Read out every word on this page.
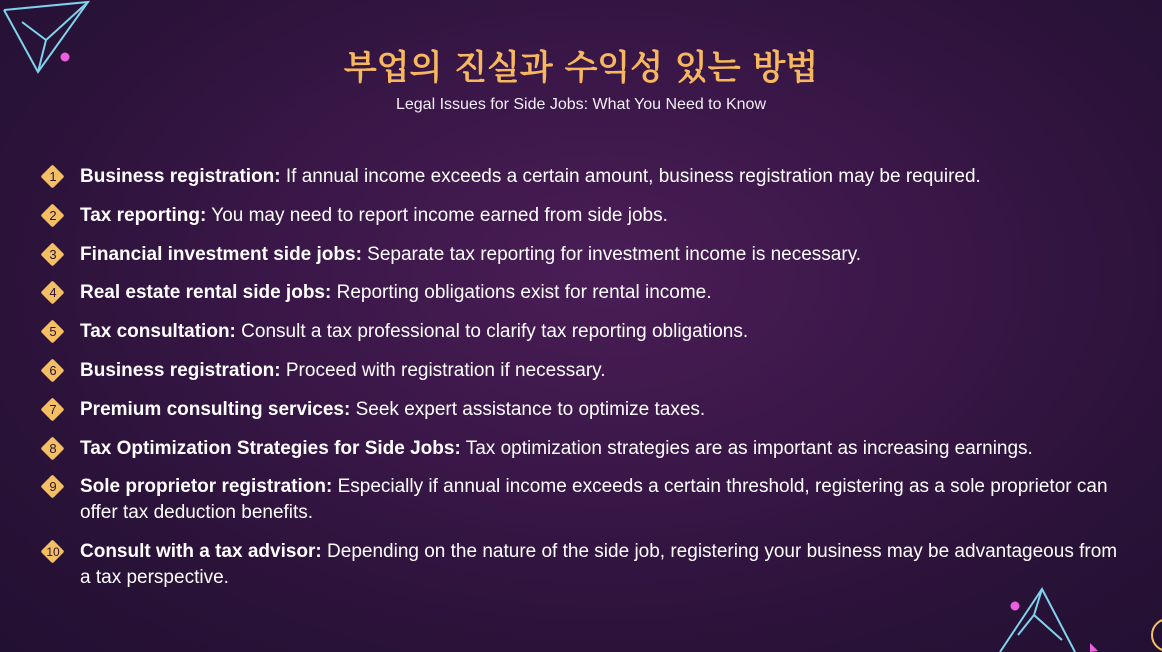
부업의 진실과 수익성 있는 방법

Legal Issues for Side Jobs: What You Need to Know

1	Business registration: If annual income exceeds a certain amount, business registration may be required.
2	Tax reporting: You may need to report income earned from side jobs.
3	Financial investment side jobs: Separate tax reporting for investment income is necessary.
4	Real estate rental side jobs: Reporting obligations exist for rental income.
5	Tax consultation: Consult a tax professional to clarify tax reporting obligations.
6	Business registration: Proceed with registration if necessary.
7	Premium consulting services: Seek expert assistance to optimize taxes.
8	Tax Optimization Strategies for Side Jobs: Tax optimization strategies are as important as increasing earnings.
9	Sole proprietor registration: Especially if annual income exceeds a certain threshold, registering as a sole proprietor can offer tax deduction benefits.
10 Consult with a tax advisor: Depending on the nature of the side job, registering your business may be advantageous from a tax perspective.
